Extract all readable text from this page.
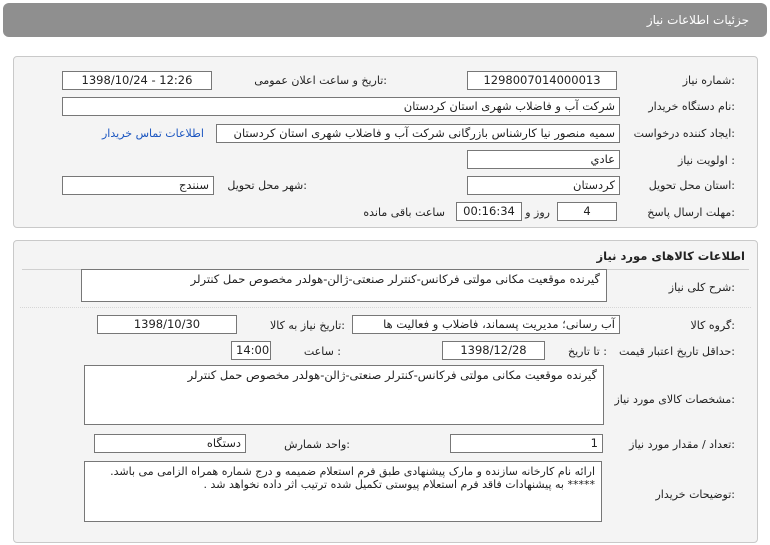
جزئیات اطلاعات نیاز
شماره نیاز:
1298007014000013
تاریخ و ساعت اعلان عمومی:
1398/10/24 - 12:26
نام دستگاه خریدار:
شرکت آب و فاضلاب شهری استان کردستان
ایجاد کننده درخواست:
سمیه منصور نیا کارشناس بازرگانی شرکت آب و فاضلاب شهری استان کردستان
اطلاعات تماس خریدار
اولویت نیاز :
عادي
استان محل تحویل:
کردستان
شهر محل تحویل:
سنندج
مهلت ارسال پاسخ:
4
روز و
00:16:34
ساعت باقی مانده
اطلاعات کالاهای مورد نیاز
شرح کلی نیاز:
گیرنده موقعیت مکانی مولتی فرکانس-کنترلر صنعتی-ژالن-هولدر مخصوص حمل کنترلر
گروه کالا:
آب رسانی؛ مدیریت پسماند، فاضلاب و فعالیت ها
تاریخ نیاز به کالا:
1398/10/30
حداقل تاریخ اعتبار قیمت:
تا تاریخ :
1398/12/28
ساعت :
14:00
مشخصات کالای مورد نیاز:
گیرنده موقعیت مکانی مولتی فرکانس-کنترلر صنعتی-ژالن-هولدر مخصوص حمل کنترلر
تعداد / مقدار مورد نیاز:
1
واحد شمارش:
دستگاه
توضیحات خریدار:
ارائه نام کارخانه سازنده و مارک پیشنهادی طبق فرم استعلام ضمیمه و درج شماره همراه الزامی می باشد.
***** به پیشنهادات فاقد فرم استعلام پیوستی تکمیل شده ترتیب اثر داده نخواهد شد .
